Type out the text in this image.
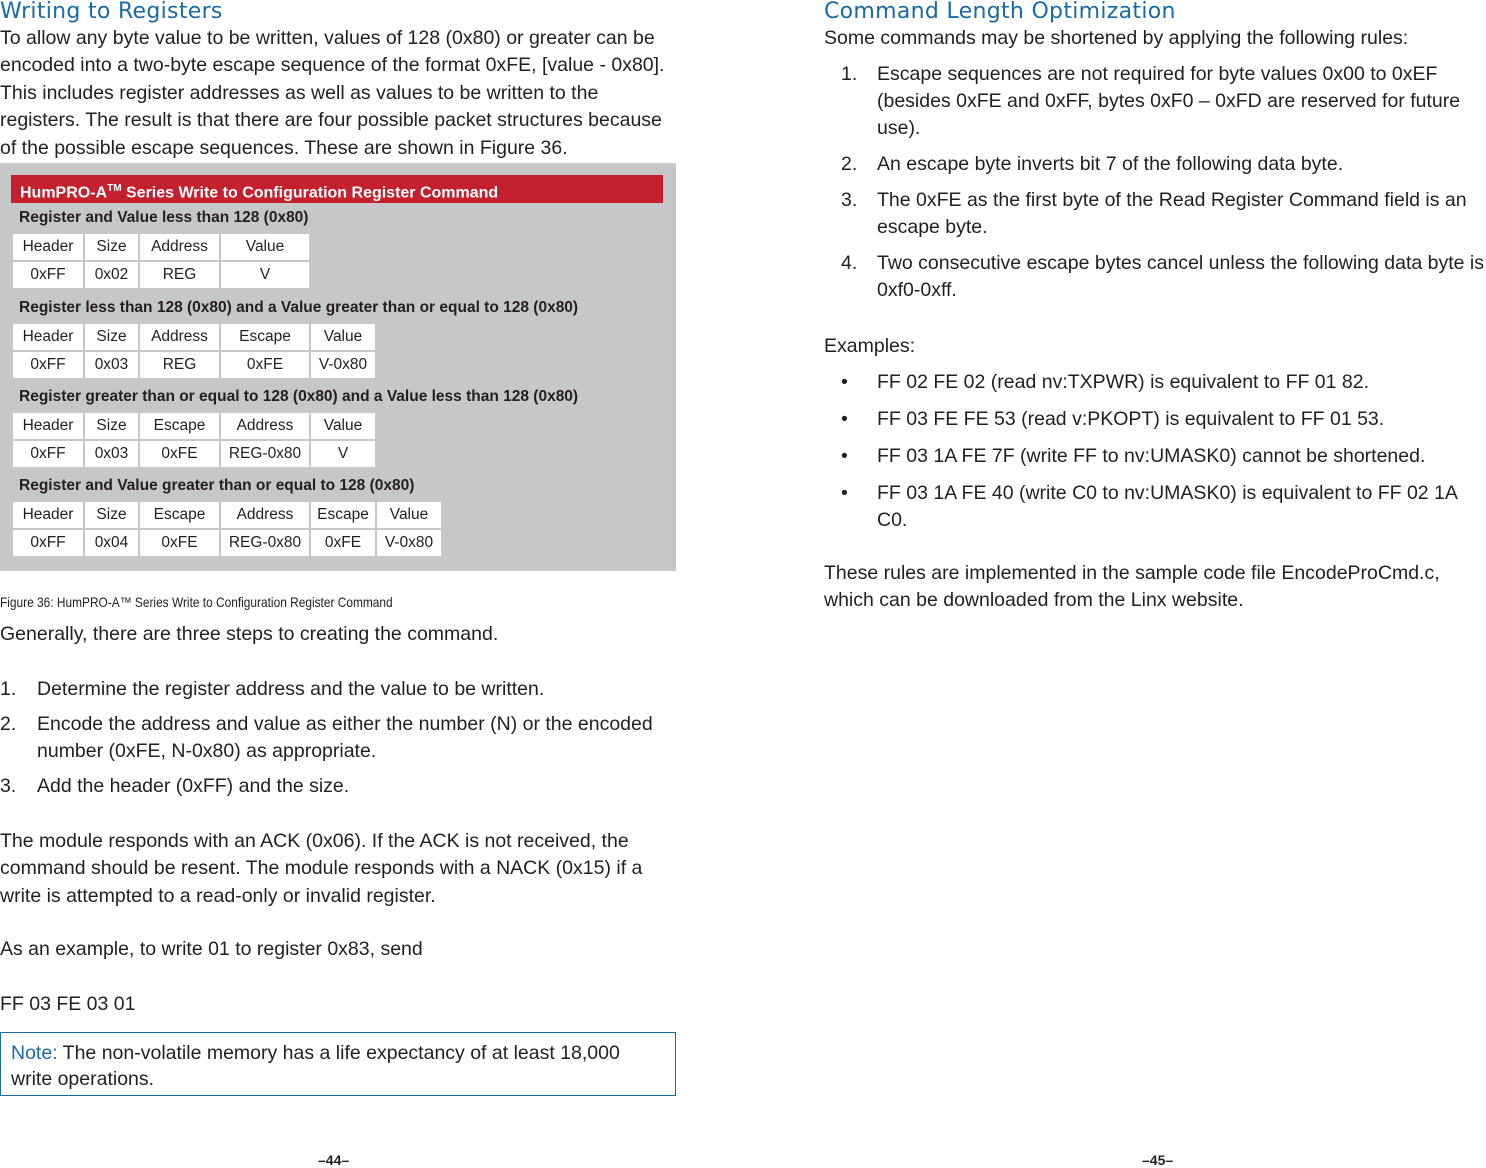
Writing to Registers

To allow any byte value to be written, values of 128 (0x80) or greater can be encoded into a two-byte escape sequence of the format 0xFE, [value - 0x80]. This includes register addresses as well as values to be written to the registers. The result is that there are four possible packet structures because of the possible escape sequences. These are shown in Figure 36.

HumPRO-A™ Series Write to Configuration Register Command
Register and Value less than 128 (0x80)
Header	Size	Address	Value
0xFF	0x02	REG	V
Register less than 128 (0x80) and a Value greater than or equal to 128 (0x80)
Header	Size	Address	Escape	Value
0xFF	0x03	REG	0xFE	V-0x80
Register greater than or equal to 128 (0x80) and a Value less than 128 (0x80)
Header	Size	Escape	Address	Value
0xFF	0x03	0xFE	REG-0x80	V
Register and Value greater than or equal to 128 (0x80)
Header	Size	Escape	Address	Escape	Value
0xFF	0x04	0xFE	REG-0x80	0xFE	V-0x80
Figure 36: HumPRO-A™ Series Write to Configuration Register Command

Generally, there are three steps to creating the command.

1. Determine the register address and the value to be written.
2. Encode the address and value as either the number (N) or the encoded number (0xFE, N-0x80) as appropriate.
3. Add the header (0xFF) and the size.

The module responds with an ACK (0x06). If the ACK is not received, the command should be resent. The module responds with a NACK (0x15) if a write is attempted to a read-only or invalid register.

As an example, to write 01 to register 0x83, send

FF 03 FE 03 01

Note: The non-volatile memory has a life expectancy of at least 18,000 write operations.
–44–
Command Length Optimization

Some commands may be shortened by applying the following rules:

1. Escape sequences are not required for byte values 0x00 to 0xEF (besides 0xFE and 0xFF, bytes 0xF0 – 0xFD are reserved for future use).
2. An escape byte inverts bit 7 of the following data byte.
3. The 0xFE as the first byte of the Read Register Command field is an escape byte.
4. Two consecutive escape bytes cancel unless the following data byte is 0xf0-0xff.

Examples:

• FF 02 FE 02 (read nv:TXPWR) is equivalent to FF 01 82.
• FF 03 FE FE 53 (read v:PKOPT) is equivalent to FF 01 53.
• FF 03 1A FE 7F (write FF to nv:UMASK0) cannot be shortened.
• FF 03 1A FE 40 (write C0 to nv:UMASK0) is equivalent to FF 02 1A C0.

These rules are implemented in the sample code file EncodeProCmd.c, which can be downloaded from the Linx website.

–45–
